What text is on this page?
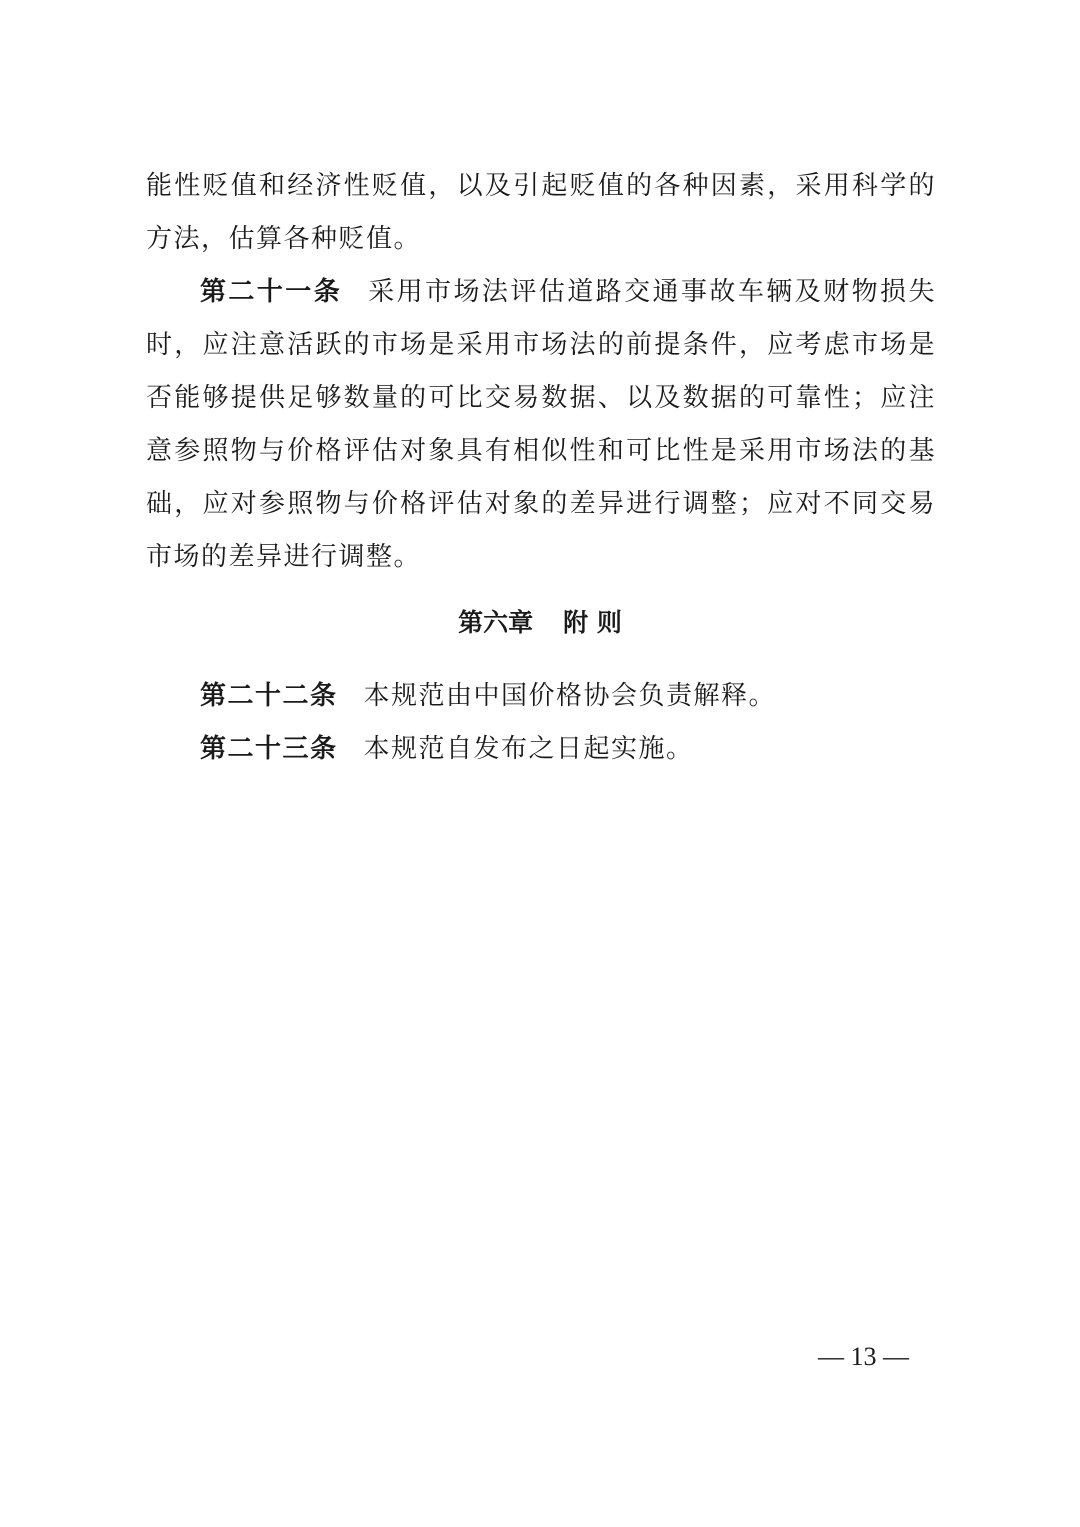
能性贬值和经济性贬值，以及引起贬值的各种因素，采用科学的方法，估算各种贬值。

第二十一条 采用市场法评估道路交通事故车辆及财物损失时，应注意活跃的市场是采用市场法的前提条件，应考虑市场是否能够提供足够数量的可比交易数据、以及数据的可靠性；应注意参照物与价格评估对象具有相似性和可比性是采用市场法的基础，应对参照物与价格评估对象的差异进行调整；应对不同交易市场的差异进行调整。

第六章 附 则

第二十二条 本规范由中国价格协会负责解释。

第二十三条 本规范自发布之日起实施。

— 13 —
